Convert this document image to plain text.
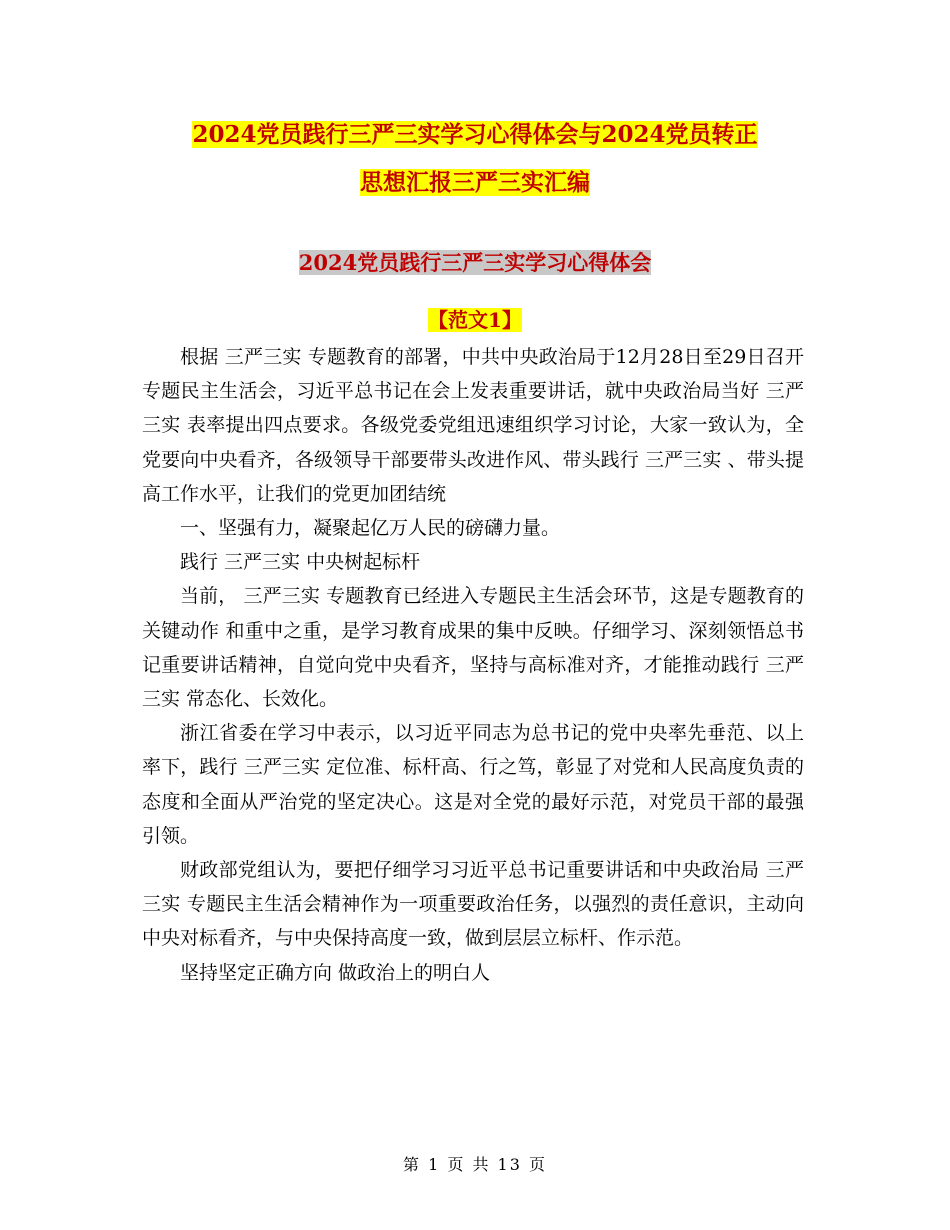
2024党员践行三严三实学习心得体会与2024党员转正
思想汇报三严三实汇编
2024党员践行三严三实学习心得体会
【范文1】

根据 三严三实 专题教育的部署，中共中央政治局于12月28日至29日召开专题民主生活会，习近平总书记在会上发表重要讲话，就中央政治局当好 三严三实 表率提出四点要求。各级党委党组迅速组织学习讨论，大家一致认为，全党要向中央看齐，各级领导干部要带头改进作风、带头践行 三严三实 、带头提高工作水平，让我们的党更加团结统

一、坚强有力，凝聚起亿万人民的磅礴力量。

践行 三严三实 中央树起标杆

当前， 三严三实 专题教育已经进入专题民主生活会环节，这是专题教育的 关键动作 和重中之重，是学习教育成果的集中反映。仔细学习、深刻领悟总书记重要讲话精神，自觉向党中央看齐，坚持与高标准对齐，才能推动践行 三严三实 常态化、长效化。

浙江省委在学习中表示，以习近平同志为总书记的党中央率先垂范、以上率下，践行 三严三实 定位准、标杆高、行之笃，彰显了对党和人民高度负责的态度和全面从严治党的坚定决心。这是对全党的最好示范，对党员干部的最强引领。

财政部党组认为，要把仔细学习习近平总书记重要讲话和中央政治局 三严三实 专题民主生活会精神作为一项重要政治任务，以强烈的责任意识，主动向中央对标看齐，与中央保持高度一致，做到层层立标杆、作示范。

坚持坚定正确方向 做政治上的明白人

第 1 页 共 13 页
